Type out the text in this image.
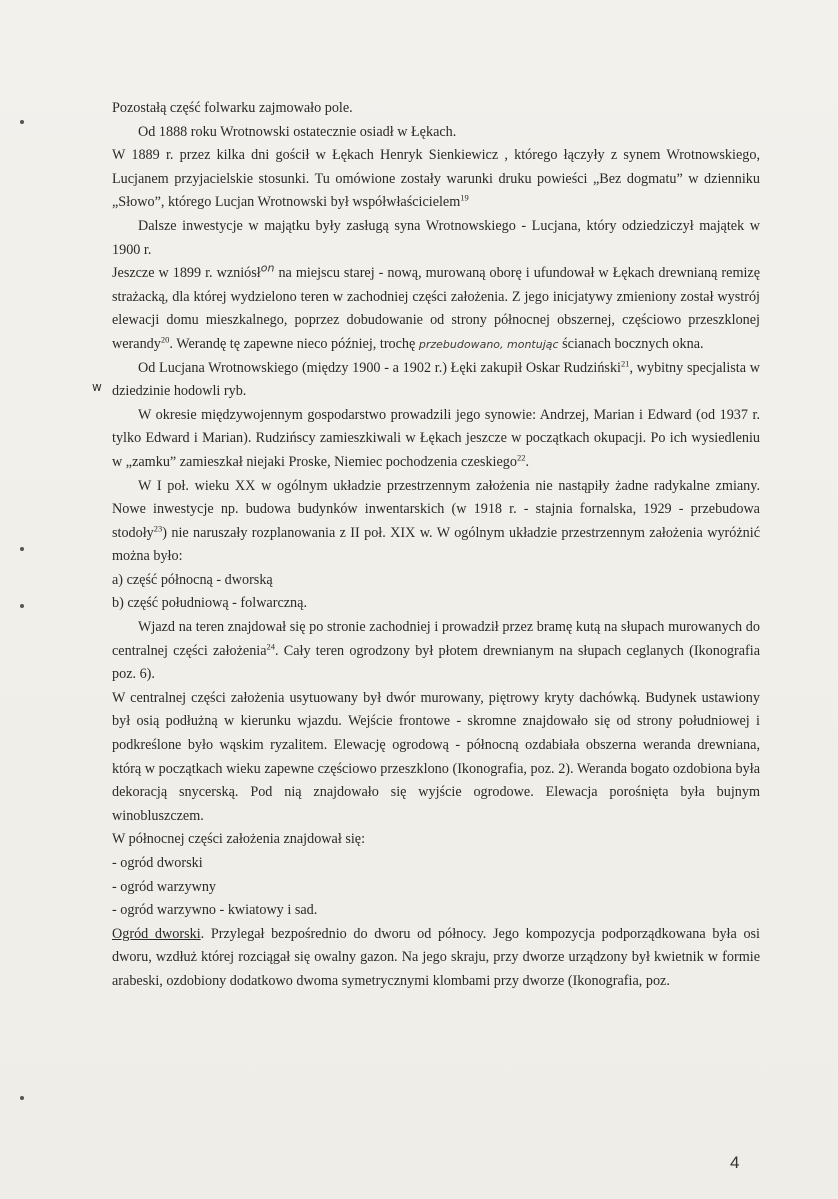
w

Pozostałą część folwarku zajmowało pole.

Od 1888 roku Wrotnowski ostatecznie osiadł w Łękach.

W 1889 r. przez kilka dni gościł w Łękach Henryk Sienkiewicz , którego łączyły z synem Wrotnowskiego, Lucjanem przyjacielskie stosunki. Tu omówione zostały warunki druku powieści „Bez dogmatu” w dzienniku „Słowo”, którego Lucjan Wrotnowski był współwłaścicielem$^{19}$

Dalsze inwestycje w majątku były zasługą syna Wrotnowskiego - Lucjana, który odziedziczył majątek w 1900 r.

Jeszcze w 1899 r. wzniósł$^{on}$ na miejscu starej - nową, murowaną oborę i ufundował w Łękach drewnianą remizę strażacką, dla której wydzielono teren w zachodniej części założenia. Z jego inicjatywy zmieniony został wystrój elewacji domu mieszkalnego, poprzez dobudowanie od strony północnej obszernej, częściowo przeszklonej werandy$^{20}$. Werandę tę zapewne nieco później, trochę przebudowano, montując ścianach bocznych okna.

Od Lucjana Wrotnowskiego (między 1900 - a 1902 r.) Łęki zakupił Oskar Rudziński$^{21}$, wybitny specjalista w dziedzinie hodowli ryb.

W okresie międzywojennym gospodarstwo prowadzili jego synowie: Andrzej, Marian i Edward (od 1937 r. tylko Edward i Marian). Rudzińscy zamieszkiwali w Łękach jeszcze w początkach okupacji. Po ich wysiedleniu w „zamku” zamieszkał niejaki Proske, Niemiec pochodzenia czeskiego$^{22}$.

W I poł. wieku XX w ogólnym układzie przestrzennym założenia nie nastąpiły żadne radykalne zmiany. Nowe inwestycje np. budowa budynków inwentarskich (w 1918 r. - stajnia fornalska, 1929 - przebudowa stodoły$^{23}$) nie naruszały rozplanowania z II poł. XIX w. W ogólnym układzie przestrzennym założenia wyróżnić można było:

a) część północną - dworską

b) część południową - folwarczną.

Wjazd na teren znajdował się po stronie zachodniej i prowadził przez bramę kutą na słupach murowanych do centralnej części założenia$^{24}$. Cały teren ogrodzony był płotem drewnianym na słupach ceglanych (Ikonografia poz. 6).

W centralnej części założenia usytuowany był dwór murowany, piętrowy kryty dachówką. Budynek ustawiony był osią podłużną w kierunku wjazdu. Wejście frontowe - skromne znajdowało się od strony południowej i podkreślone było wąskim ryzalitem. Elewację ogrodową - północną ozdabiała obszerna weranda drewniana, którą w początkach wieku zapewne częściowo przeszklono (Ikonografia, poz. 2). Weranda bogato ozdobiona była dekoracją snycerską. Pod nią znajdowało się wyjście ogrodowe. Elewacja porośnięta była bujnym winobluszczem.

W północnej części założenia znajdował się:

- ogród dworski

- ogród warzywny

- ogród warzywno - kwiatowy i sad.

Ogród dworski. Przylegał bezpośrednio do dworu od północy. Jego kompozycja podporządkowana była osi dworu, wzdłuż której rozciągał się owalny gazon. Na jego skraju, przy dworze urządzony był kwietnik w formie arabeski, ozdobiony dodatkowo dwoma symetrycznymi klombami przy dworze (Ikonografia, poz.

4
